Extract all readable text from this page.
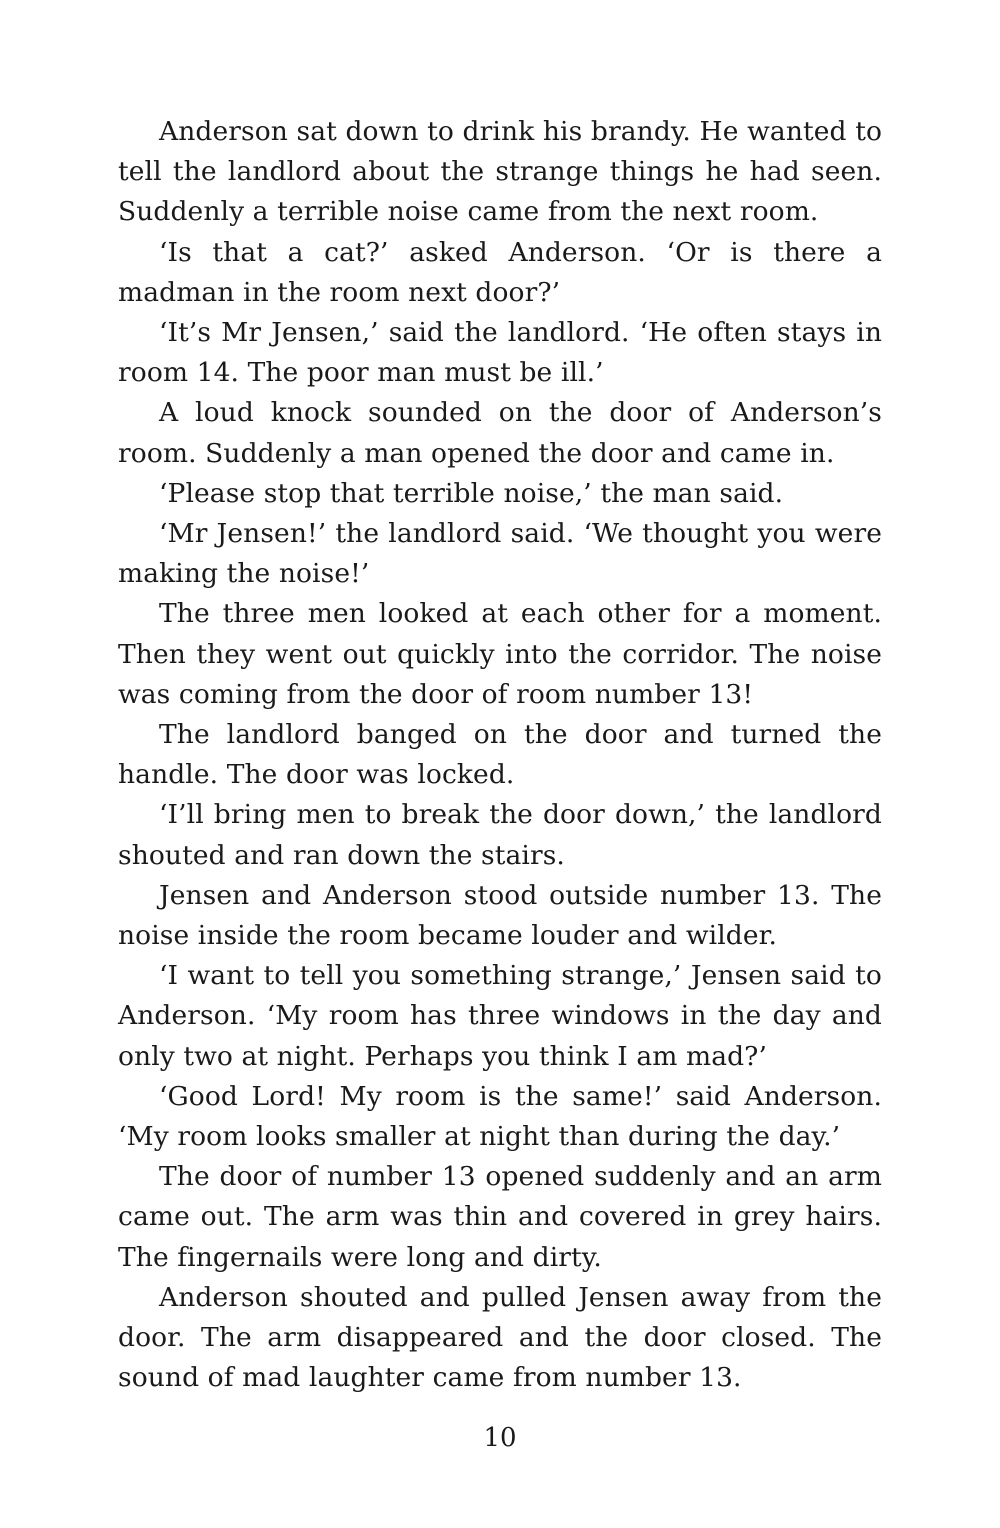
Anderson sat down to drink his brandy. He wanted to tell the landlord about the strange things he had seen. Suddenly a terrible noise came from the next room.

‘Is that a cat?’ asked Anderson. ‘Or is there a madman in the room next door?’

‘It’s Mr Jensen,’ said the landlord. ‘He often stays in room 14. The poor man must be ill.’

A loud knock sounded on the door of Anderson’s room. Suddenly a man opened the door and came in.

‘Please stop that terrible noise,’ the man said.

‘Mr Jensen!’ the landlord said. ‘We thought you were making the noise!’

The three men looked at each other for a moment. Then they went out quickly into the corridor. The noise was coming from the door of room number 13!

The landlord banged on the door and turned the handle. The door was locked.

‘I’ll bring men to break the door down,’ the landlord shouted and ran down the stairs.

Jensen and Anderson stood outside number 13. The noise inside the room became louder and wilder.

‘I want to tell you something strange,’ Jensen said to Anderson. ‘My room has three windows in the day and only two at night. Perhaps you think I am mad?’

‘Good Lord! My room is the same!’ said Anderson. ‘My room looks smaller at night than during the day.’

The door of number 13 opened suddenly and an arm came out. The arm was thin and covered in grey hairs. The fingernails were long and dirty.

Anderson shouted and pulled Jensen away from the door. The arm disappeared and the door closed. The sound of mad laughter came from number 13.

10
